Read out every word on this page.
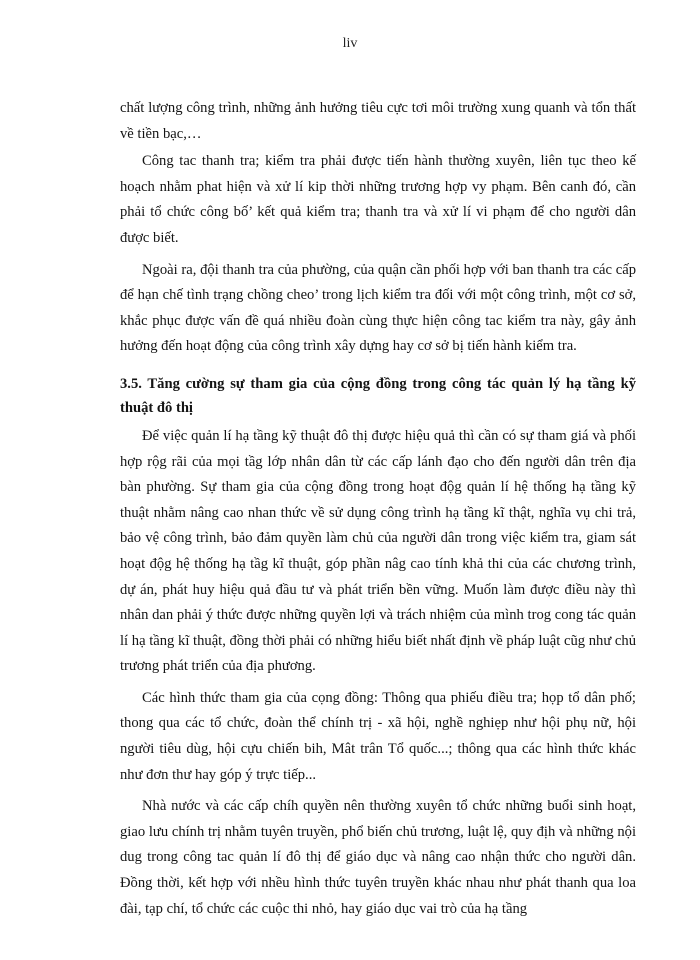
liv

chất lượng công trình, những ảnh hưởng tiêu cực tơi môi trường xung quanh và tổn thất về tiền bạc,…

Công tac thanh tra; kiểm tra phải được tiến hành thường xuyên, liên tục theo kế hoạch nhằm phat hiện và xử lí kip thời những trương hợp vy phạm. Bên canh đó, cần phải tổ chức công bố’ kết quả kiểm tra; thanh tra và xử lí vi phạm để cho người dân được biết.

Ngoài ra, đội thanh tra của phường, của quận cần phối hợp với ban thanh tra các cấp để hạn chế tình trạng chồng cheo’ trong lịch kiểm tra đối với một công trình, một cơ sở, khắc phục được vấn đề quá nhiều đoàn cùng thực hiện công tac kiểm tra này, gây ảnh hưởng đến hoạt động của công trình xây dựng hay cơ sở bị tiến hành kiểm tra.

3.5. Tăng cường sự tham gia của cộng đồng trong công tác quản lý hạ tầng kỹ thuật đô thị

Để việc quản lí hạ tầng kỹ thuật đô thị được hiệu quả thì cần có sự tham giá và phối hợp rộg rãi của mọi tầg lớp nhân dân từ các cấp lánh đạo cho đến người dân trên địa bàn phường. Sự tham gia của cộng đồng trong hoạt độg quản lí hệ thống hạ tầng kỹ thuật nhằm nâng cao nhan thức về sử dụng công trình hạ tầng kĩ thật, nghĩa vụ chi trả, bảo vệ công trình, bảo đảm quyền làm chủ của người dân trong việc kiểm tra, giam sát hoạt độg hệ thống hạ tầg kĩ thuật, góp phần nâg cao tính khả thi của các chương trình, dự án, phát huy hiệu quả đầu tư và phát triển bền vững. Muốn làm được điều này thì nhân dan phải ý thức được những quyền lợi và trách nhiệm của mình trog cong tác quản lí hạ tầng kĩ thuật, đồng thời phải có những hiểu biết nhất định về pháp luật cũg như chủ trương phát triển của địa phương.

Các hình thức tham gia của cọng đồng: Thông qua phiếu điều tra; họp tổ dân phố; thong qua các tổ chức, đoàn thể chính trị - xã hội, nghề nghiẹp như hội phụ nữ, hội người tiêu dùg, hội cựu chiến bih, Mât trân Tổ quốc...; thông qua các hình thức khác như đơn thư hay góp ý trực tiếp...

Nhà nước và các cấp chíh quyền nên thường xuyên tổ chức những buổi sinh hoạt, giao lưu chính trị nhằm tuyên truyền, phổ biến chủ trương, luật lệ, quy địh và những nội dug trong công tac quản lí đô thị để giáo dục và nâng cao nhận thức cho người dân. Đồng thời, kết hợp với nhều hình thức tuyên truyền khác nhau như phát thanh qua loa đài, tạp chí, tổ chức các cuộc thi nhỏ, hay giáo dục vai trò của hạ tầng
